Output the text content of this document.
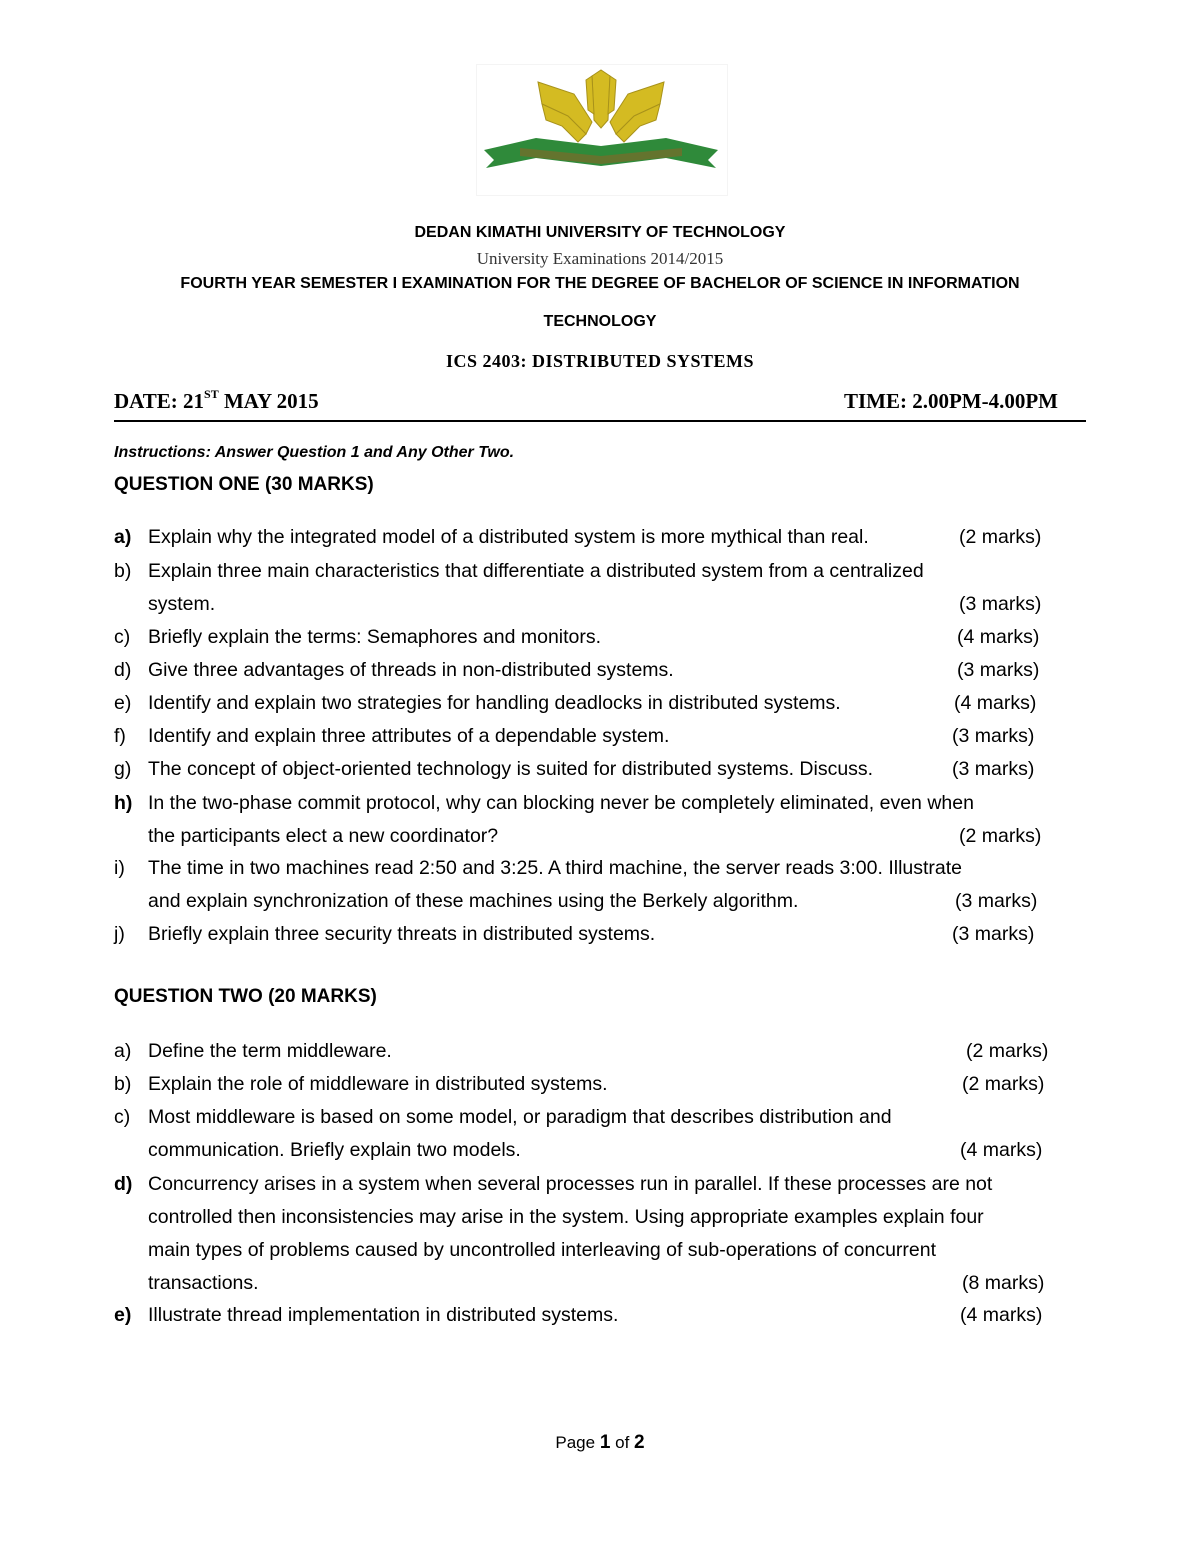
DEDAN KIMATHI UNIVERSITY OF TECHNOLOGY
University Examinations 2014/2015
FOURTH YEAR SEMESTER I EXAMINATION FOR THE DEGREE OF BACHELOR OF SCIENCE IN INFORMATION
TECHNOLOGY
ICS 2403: DISTRIBUTED SYSTEMS
DATE: 21ST MAY 2015	TIME: 2.00PM-4.00PM
Instructions: Answer Question 1 and Any Other Two.
QUESTION ONE (30 MARKS)
a) Explain why the integrated model of a distributed system is more mythical than real.	(2 marks)
b) Explain three main characteristics that differentiate a distributed system from a centralized
system.	(3 marks)
c) Briefly explain the terms: Semaphores and monitors.	(4 marks)
d) Give three advantages of threads in non-distributed systems.	(3 marks)
e) Identify and explain two strategies for handling deadlocks in distributed systems.	(4 marks)
f)	Identify and explain three attributes of a dependable system.	(3 marks)
g) The concept of object-oriented technology is suited for distributed systems. Discuss.	(3 marks)
h) In the two-phase commit protocol, why can blocking never be completely eliminated, even when
the participants elect a new coordinator?	(2 marks)
i)	The time in two machines read 2:50 and 3:25. A third machine, the server reads 3:00. Illustrate
and explain synchronization of these machines using the Berkely algorithm.	(3 marks)
j)	Briefly explain three security threats in distributed systems.	(3 marks)
QUESTION TWO (20 MARKS)
a) Define the term middleware.	(2 marks)
b) Explain the role of middleware in distributed systems.	(2 marks)
c) Most middleware is based on some model, or paradigm that describes distribution and
communication. Briefly explain two models.	(4 marks)
d) Concurrency arises in a system when several processes run in parallel. If these processes are not
controlled then inconsistencies may arise in the system. Using appropriate examples explain four
main types of problems caused by uncontrolled interleaving of sub-operations of concurrent
transactions.	(8 marks)
e) Illustrate thread implementation in distributed systems.	(4 marks)
Page 1 of 2
